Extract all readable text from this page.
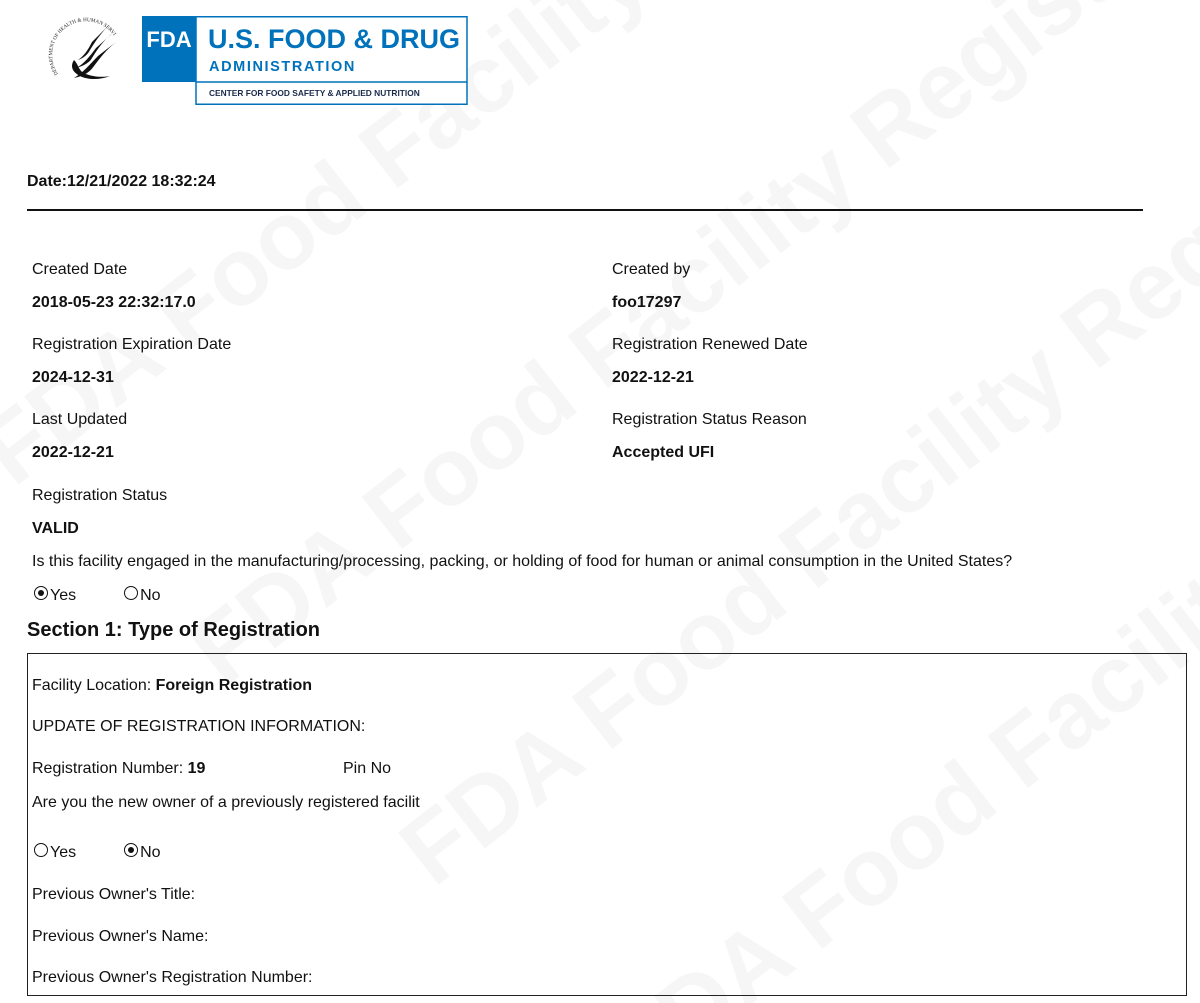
DEPARTMENT OF HEALTH & HUMAN SERVI FDA U.S. FOOD & DRUG
ADMINISTRATION
CENTER FOR FOOD SAFETY & APPLIED NUTRITION
Date:12/21/2022 18:32:24
Created Date
2018-05-23 22:32:17.0
Created by
foo17297
Registration Expiration Date
2024-12-31
Registration Renewed Date
2022-12-21
Last Updated
2022-12-21
Registration Status Reason
Accepted UFI
Registration Status
VALID
Is this facility engaged in the manufacturing/processing, packing, or holding of food for human or animal consumption in the United States?
Yes	No
Section 1: Type of Registration
Facility Location: Foreign Registration
UPDATE OF REGISTRATION INFORMATION:
Registration Number: 19	Pin No
Are you the new owner of a previously registered facilit
Yes	No
Previous Owner's Title:
Previous Owner's Name:
Previous Owner's Registration Number:
